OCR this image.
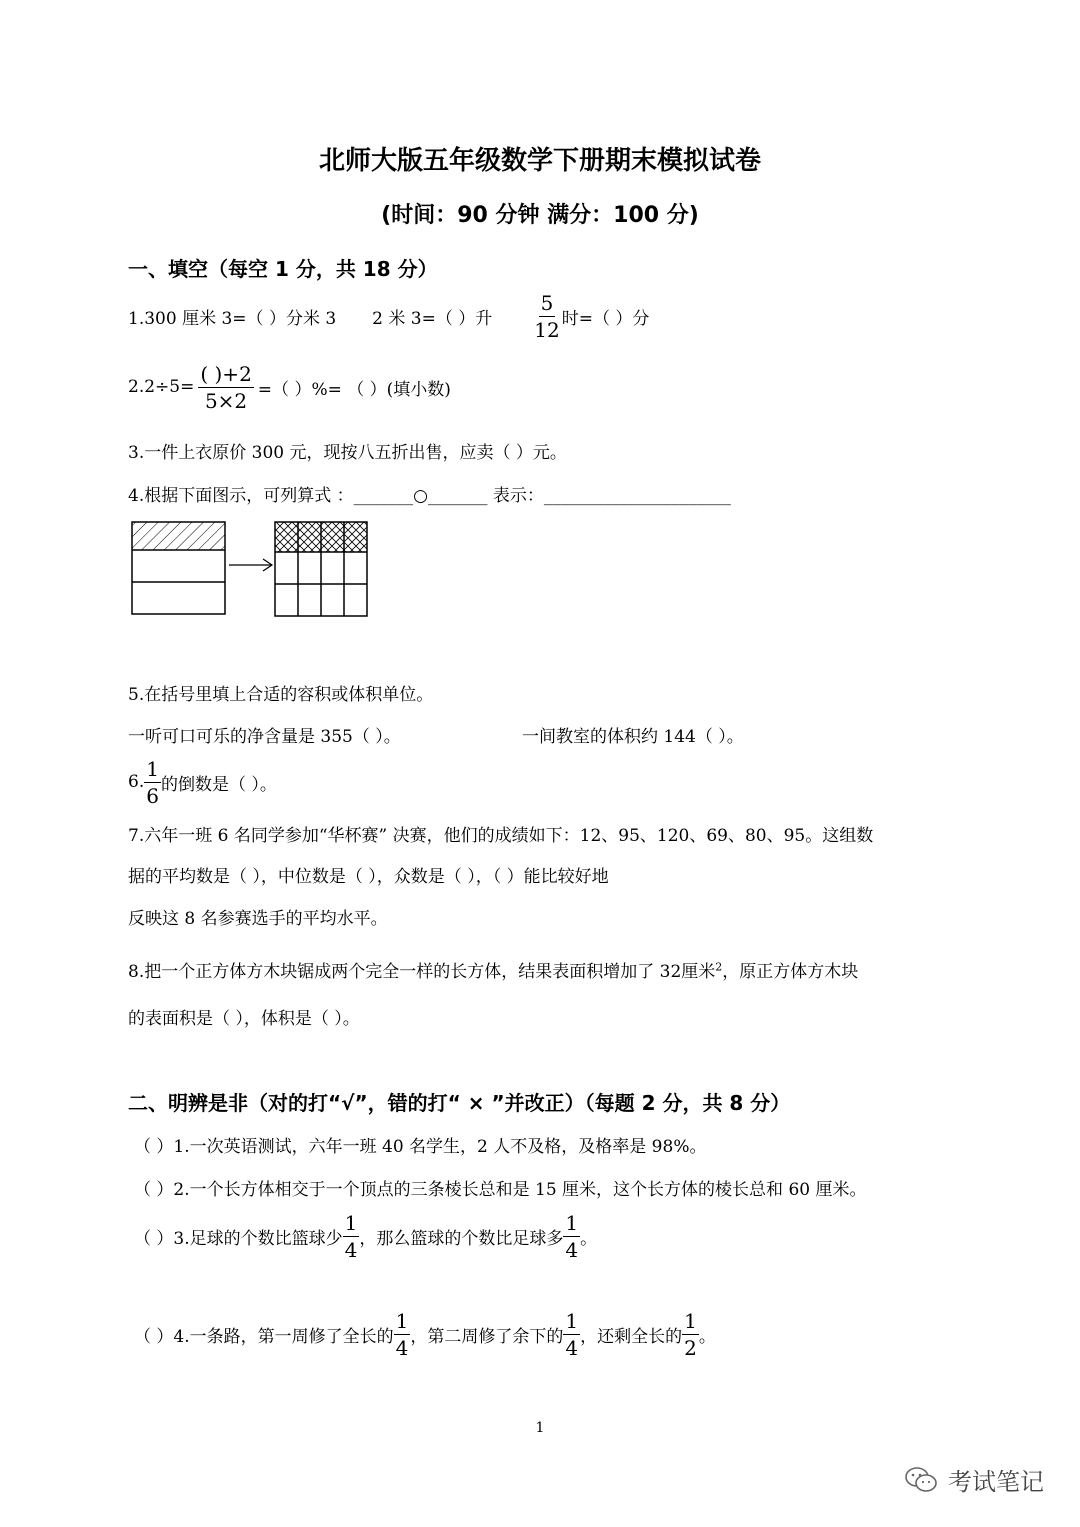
北师大版五年级数学下册期末模拟试卷
(时间：90 分钟 满分：100 分)
一、填空（每空 1 分，共 18 分）
1.300 厘米 3=（ ）分米 3 2 米 3=（ ）升 $\frac{5}{12}$ 时=（ ）分
$2.2\div 5= \frac{( )+2}{5\times 2}$ =（ ）%= （ ）(填小数)
3.一件上衣原价 300 元，现按八五折出售，应卖（ ）元。
4.根据下面图示，可列算式 ：_______○_______ 表示：______________________
5.在括号里填上合适的容积或体积单位。
一听可口可乐的净含量是 355（ ）。	一间教室的体积约 144（ ）。
6. $\frac{1}{6}$ 的倒数是（ ）。
7.六年一班 6 名同学参加“华杯赛” 决赛，他们的成绩如下：12、95、120、69、80、95。这组数
据的平均数是（ ），中位数是（ ），众数是（ ），（ ）能比较好地
反映这 8 名参赛选手的平均水平。
8.把一个正方体方木块锯成两个完全一样的长方体，结果表面积增加了 32厘米$^2$，原正方体方木块
的表面积是（ ），体积是（ ）。
二、明辨是非（对的打“√”，错的打“ × ”并改正）（每题 2 分，共 8 分）
（ ）1.一次英语测试，六年一班 40 名学生，2 人不及格，及格率是 98%。
（ ）2.一个长方体相交于一个顶点的三条棱长总和是 15 厘米，这个长方体的棱长总和 60 厘米。
（ ）3.足球的个数比篮球少 $\frac{1}{4}$ ，那么篮球的个数比足球多 $\frac{1}{4}$ 。
（ ）4.一条路，第一周修了全长的 $\frac{1}{4}$ ，第二周修了余下的 $\frac{1}{4}$ ，还剩全长的 $\frac{1}{2}$ 。
1
考试笔记
